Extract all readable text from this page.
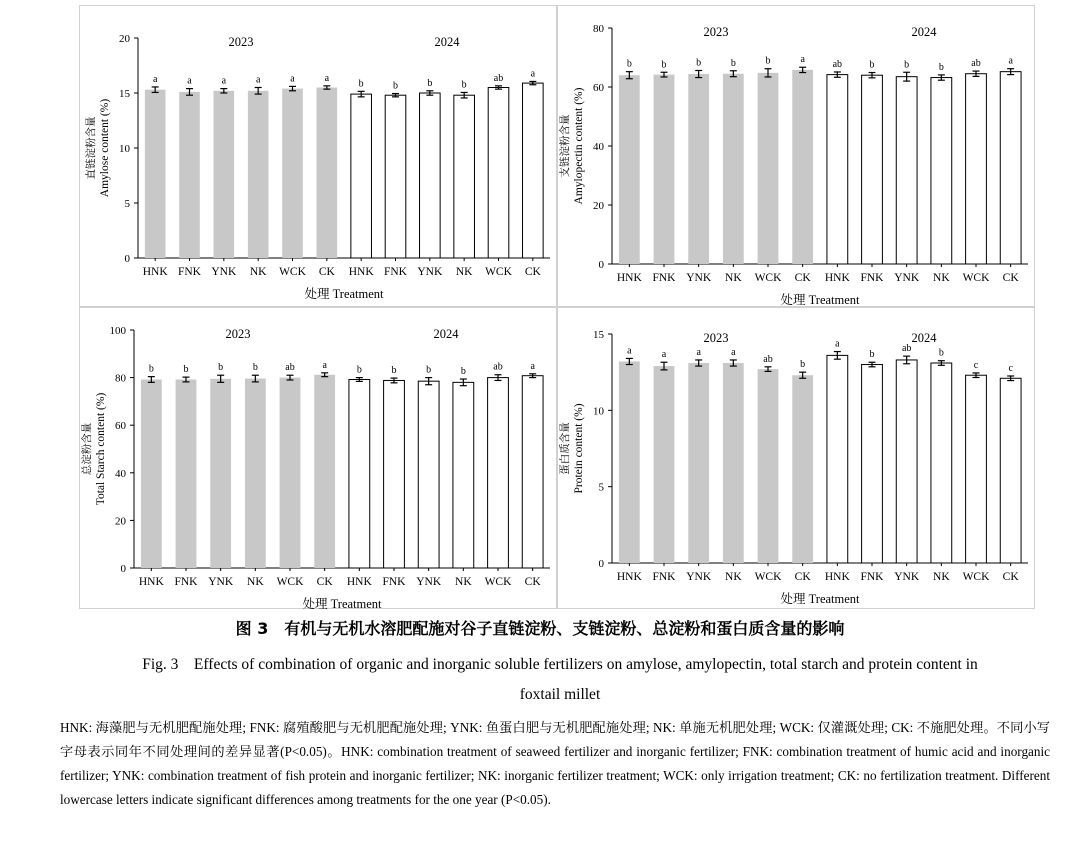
0
5
10
15
20
a
HNK
a
FNK
a
YNK
a
NK
a
WCK
a
CK
b
HNK
b
FNK
b
YNK
b
NK
ab
WCK
a
CK
2023	2024
处理 Treatment
直链淀粉含量 Amylose content (%)
0
20
40
60
80
b
HNK
b
FNK
b
YNK
b
NK
b
WCK
a
CK
ab
HNK
b
FNK
b
YNK
b
NK
ab
WCK
a
CK
2023	2024
处理 Treatment
支链淀粉含量 Amylopectin content (%)
0
20
40
60
80
100
b
HNK
b
FNK
b
YNK
b
NK
ab
WCK
a
CK
b
HNK
b
FNK
b
YNK
b
NK
ab
WCK
a
CK
2023	2024
处理 Treatment
总淀粉含量 Total Starch content (%)
0
5
10
15
a
HNK
a
FNK
a
YNK
a
NK
ab
WCK
b
CK
a
HNK
b
FNK
ab
YNK
b
NK
c
WCK
c
CK
2023	2024
处理 Treatment
蛋白质含量 Protein content (%)
图 3　有机与无机水溶肥配施对谷子直链淀粉、支链淀粉、总淀粉和蛋白质含量的影响
Fig. 3　Effects of combination of organic and inorganic soluble fertilizers on amylose, amylopectin, total starch and protein content in
foxtail millet
HNK: 海藻肥与无机肥配施处理; FNK: 腐殖酸肥与无机肥配施处理; YNK: 鱼蛋白肥与无机肥配施处理; NK: 单施无机肥处理; WCK: 仅灌溉处理; CK: 不施肥处理。不同小写字母表示同年不同处理间的差异显著(P<0.05)。HNK: combination treatment of seaweed fertilizer and inorganic fertilizer; FNK: combination treatment of humic acid and inorganic fertilizer; YNK: combination treatment of fish protein and inorganic fertilizer; NK: inorganic fertilizer treatment; WCK: only irrigation treatment; CK: no fertilization treatment. Different lowercase letters indicate significant differences among treatments for the one year (P<0.05).
